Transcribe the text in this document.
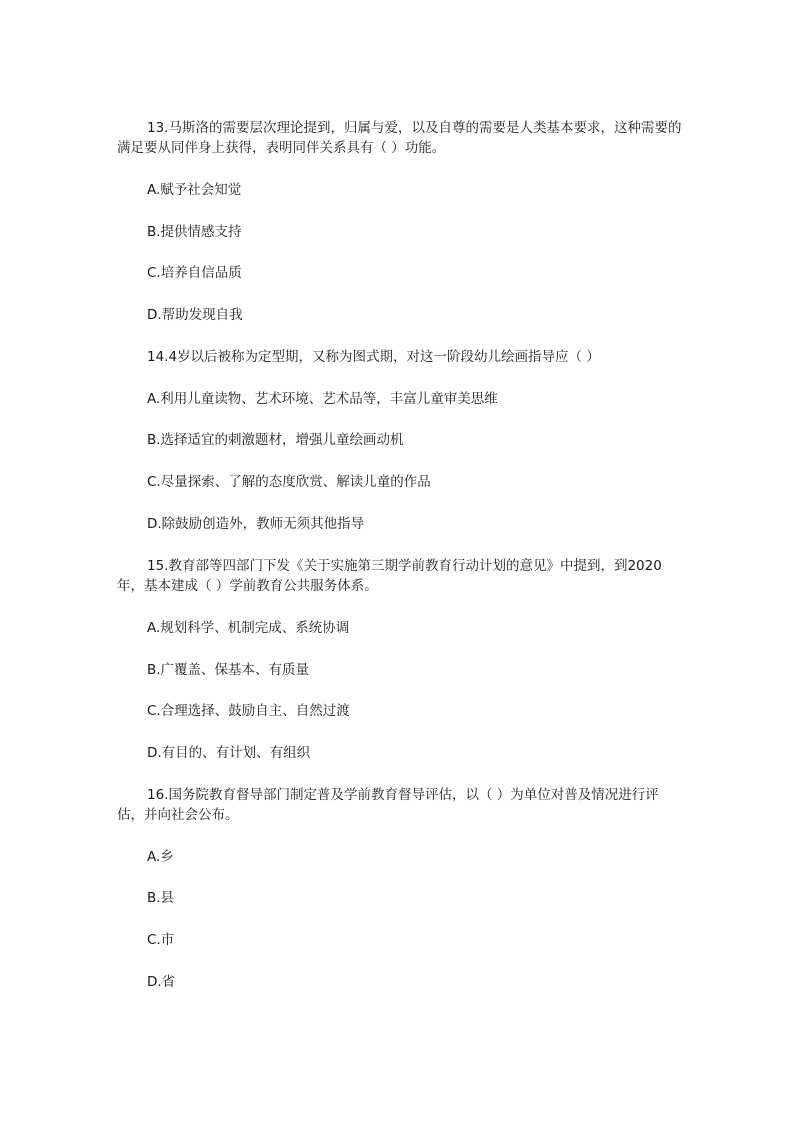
13.马斯洛的需要层次理论提到，归属与爱，以及自尊的需要是人类基本要求，这种需要的满足要从同伴身上获得，表明同伴关系具有（ ）功能。

A.赋予社会知觉

B.提供情感支持

C.培养自信品质

D.帮助发现自我

14.4岁以后被称为定型期，又称为图式期，对这一阶段幼儿绘画指导应（ ）

A.利用儿童读物、艺术环境、艺术品等，丰富儿童审美思维

B.选择适宜的刺激题材，增强儿童绘画动机

C.尽量探索、了解的态度欣赏、解读儿童的作品

D.除鼓励创造外，教师无须其他指导

15.教育部等四部门下发《关于实施第三期学前教育行动计划的意见》中提到，到2020年，基本建成（ ）学前教育公共服务体系。

A.规划科学、机制完成、系统协调

B.广覆盖、保基本、有质量

C.合理选择、鼓励自主、自然过渡

D.有目的、有计划、有组织

16.国务院教育督导部门制定普及学前教育督导评估，以（ ）为单位对普及情况进行评估，并向社会公布。

A.乡

B.县

C.市

D.省
